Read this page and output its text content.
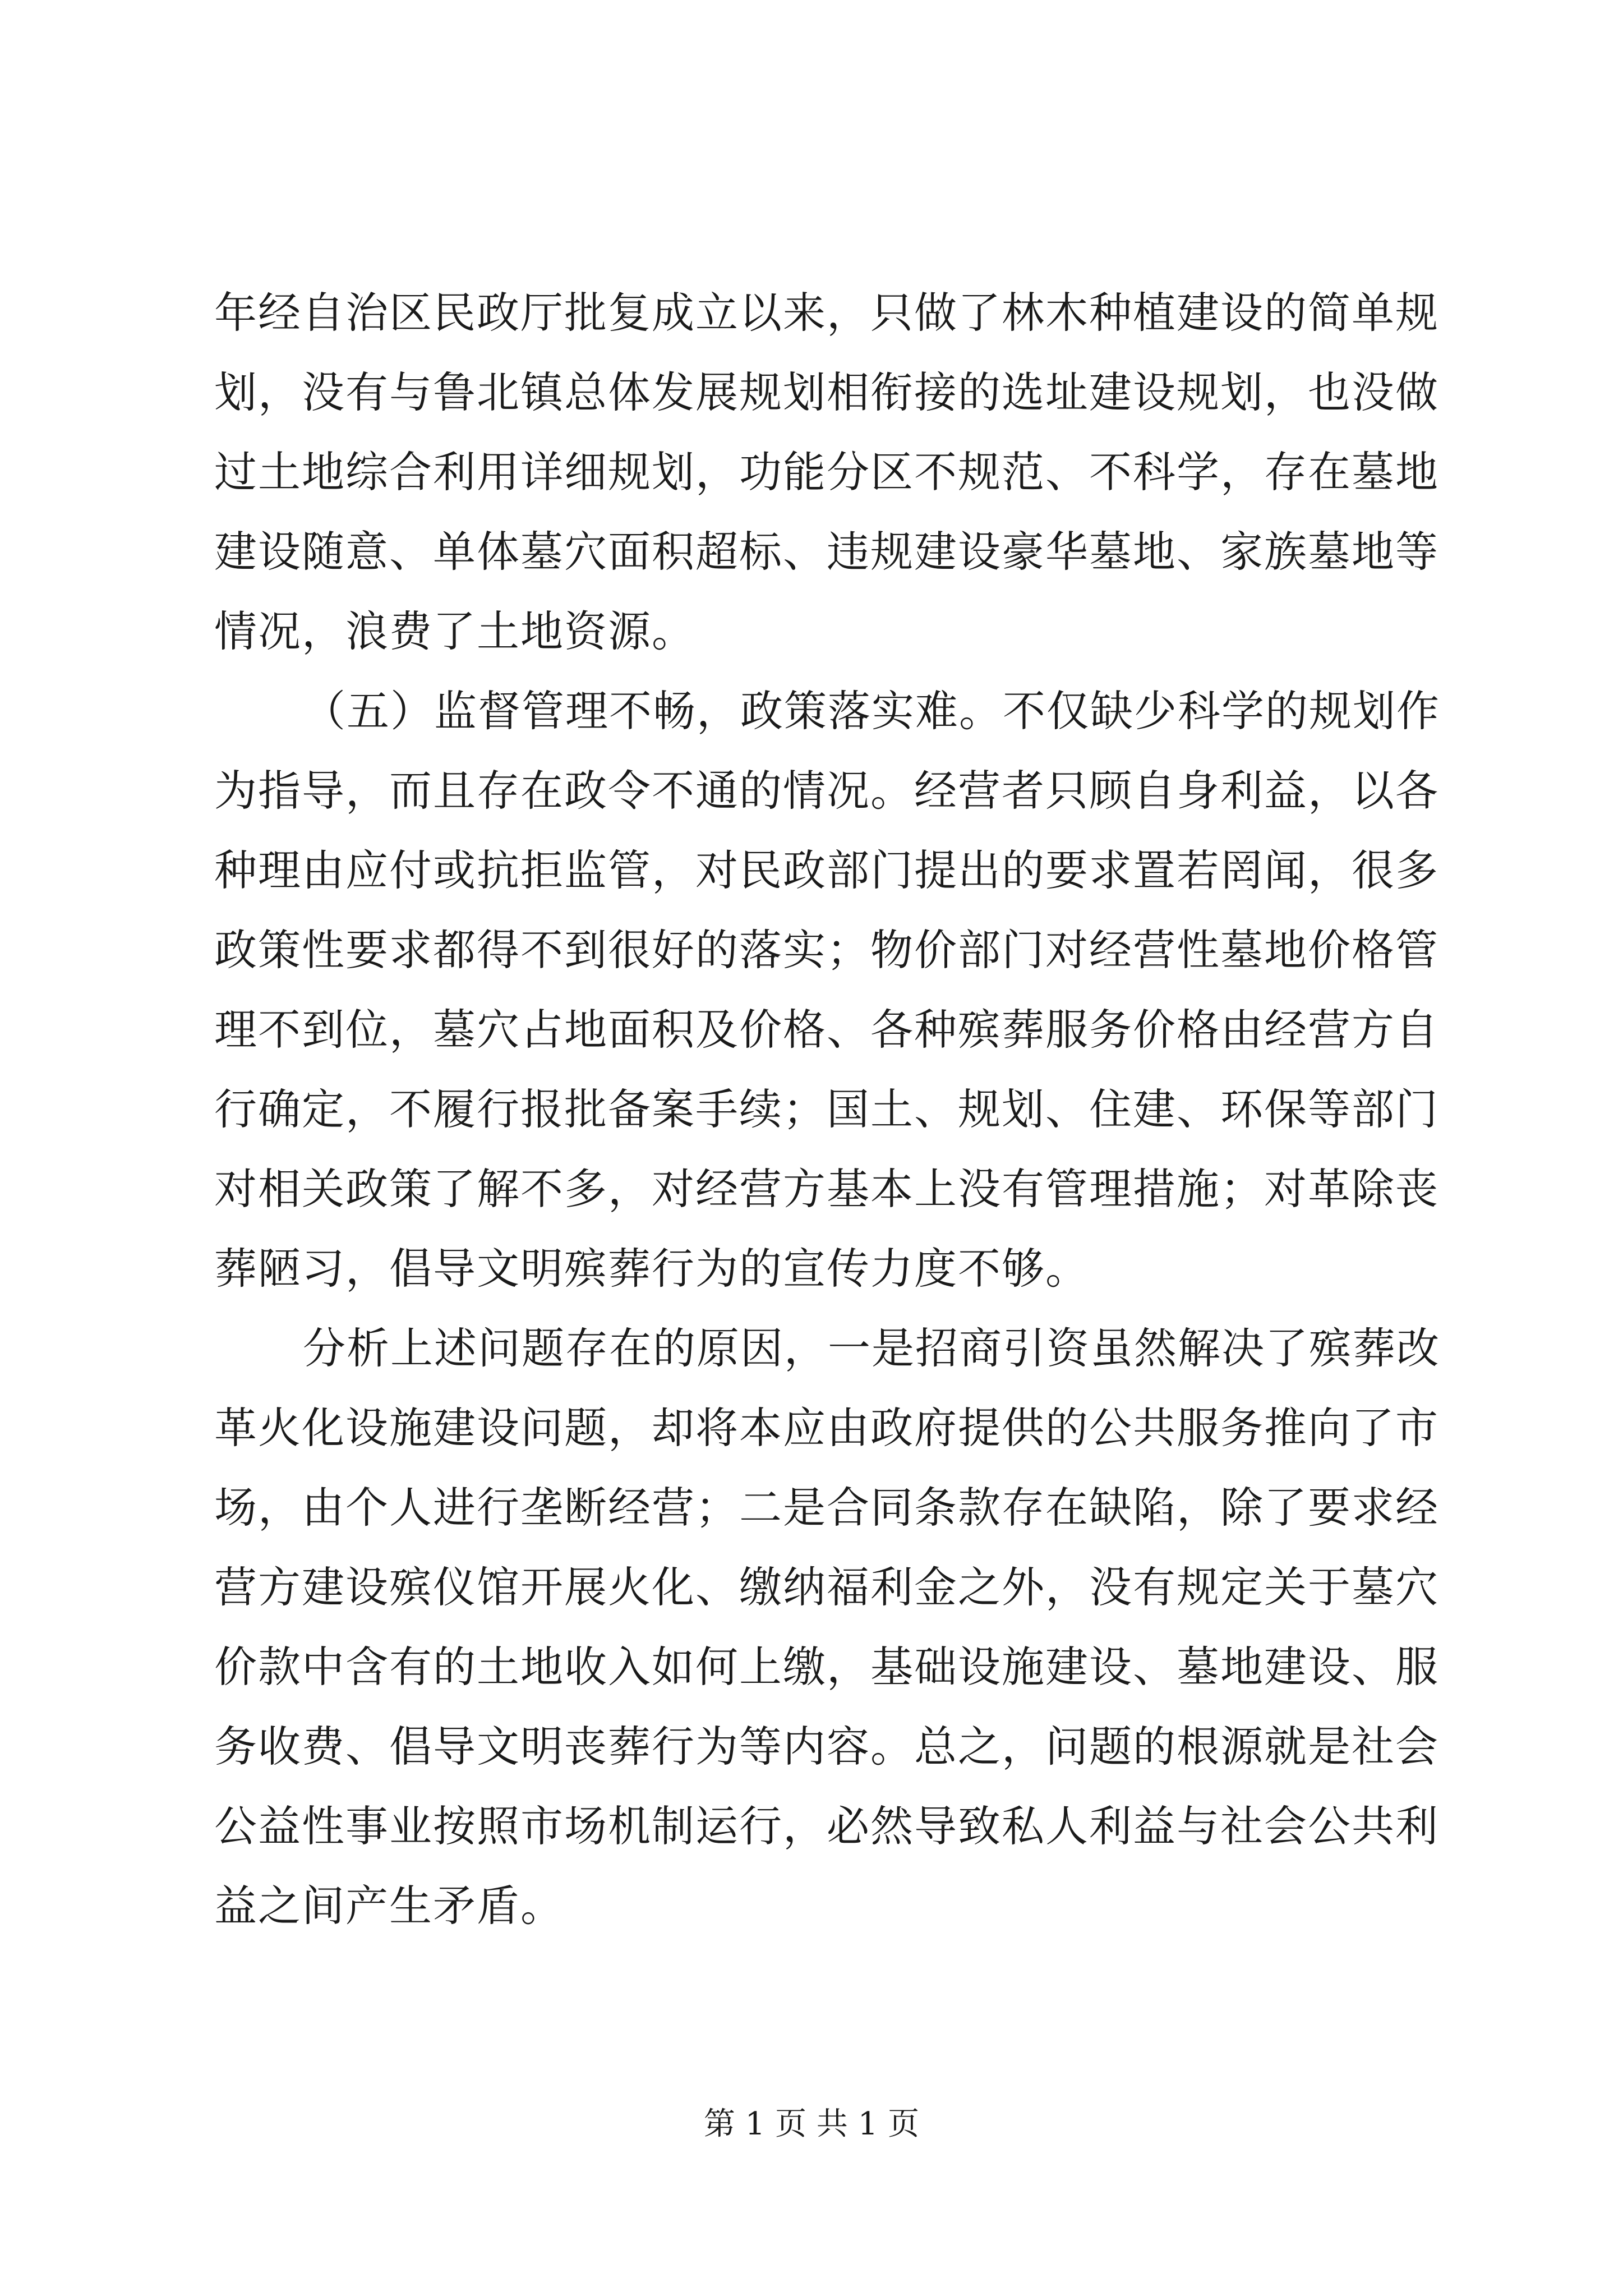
年经自治区民政厅批复成立以来，只做了林木种植建设的简单规
划，没有与鲁北镇总体发展规划相衔接的选址建设规划，也没做
过土地综合利用详细规划，功能分区不规范、不科学，存在墓地
建设随意、单体墓穴面积超标、违规建设豪华墓地、家族墓地等
情况，浪费了土地资源。
（五）监督管理不畅，政策落实难。不仅缺少科学的规划作
为指导，而且存在政令不通的情况。经营者只顾自身利益，以各
种理由应付或抗拒监管，对民政部门提出的要求置若罔闻，很多
政策性要求都得不到很好的落实；物价部门对经营性墓地价格管
理不到位，墓穴占地面积及价格、各种殡葬服务价格由经营方自
行确定，不履行报批备案手续；国土、规划、住建、环保等部门
对相关政策了解不多，对经营方基本上没有管理措施；对革除丧
葬陋习，倡导文明殡葬行为的宣传力度不够。
分析上述问题存在的原因，一是招商引资虽然解决了殡葬改
革火化设施建设问题，却将本应由政府提供的公共服务推向了市
场，由个人进行垄断经营；二是合同条款存在缺陷，除了要求经
营方建设殡仪馆开展火化、缴纳福利金之外，没有规定关于墓穴
价款中含有的土地收入如何上缴，基础设施建设、墓地建设、服
务收费、倡导文明丧葬行为等内容。总之，问题的根源就是社会
公益性事业按照市场机制运行，必然导致私人利益与社会公共利
益之间产生矛盾。
第 1 页 共 1 页
